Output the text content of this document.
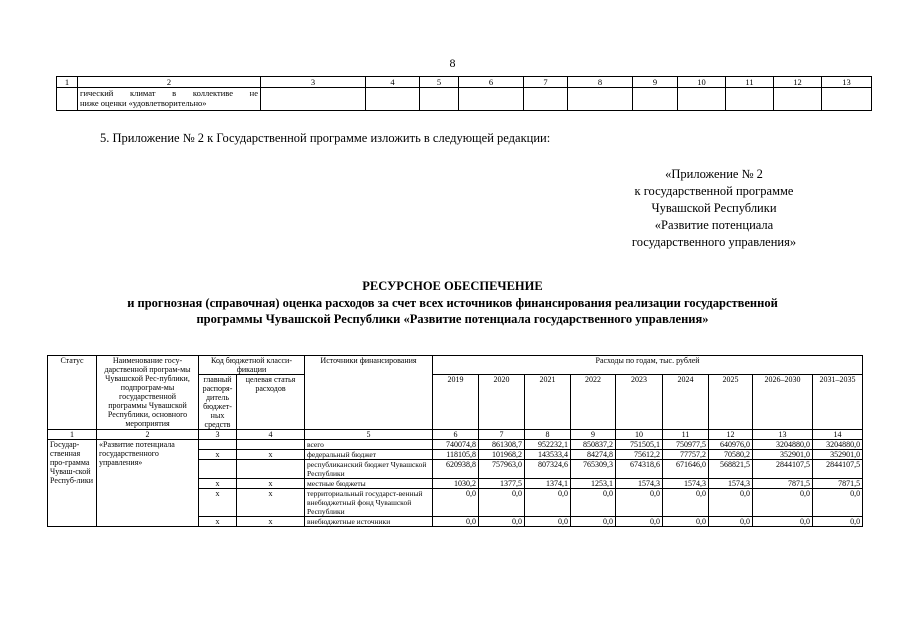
8
1	2	3	4	5	6	7	8	9	10	11	12	13

	гический климат в коллективе не
ниже оценки «удовлетворительно»											

5. Приложение № 2 к Государственной программе изложить в следующей редакции:
«Приложение № 2
к государственной программе
Чувашской Республики
«Развитие потенциала
государственного управления»
РЕСУРСНОЕ ОБЕСПЕЧЕНИЕ
и прогнозная (справочная) оценка расходов за счет всех источников финансирования реализации государственной
программы Чувашской Республики «Развитие потенциала государственного управления»
Статус	Наименование госу-дарственной програм-мы Чувашской Рес-публики, подпрограм-мы государственной программы Чувашской Республики, основного мероприятия	Код бюджетной класси-фикации		Источники финансирования	Расходы по годам, тыс. рублей								
		главный распоря-дитель бюджет-ных средств	целевая статья расходов		2019	2020	2021	2022	2023	2024	2025	2026–2030	2031–2035

1	2	3	4	5	6	7	8	9	10	11	12	13	14
Государ-ственная про-грамма Чуваш-ской Респуб-лики	«Развитие потенциала государственного управления»			всего	740074,8	861308,7	952232,1	850837,2	751505,1	750977,5	640976,0	3204880,0	3204880,0
		x	x	федеральный бюджет	118105,8	101968,2	143533,4	84274,8	75612,2	77757,2	70580,2	352901,0	352901,0
				республиканский бюджет Чувашской Республики	620938,8	757963,0	807324,6	765309,3	674318,6	671646,0	568821,5	2844107,5	2844107,5
		x	x	местные бюджеты	1030,2	1377,5	1374,1	1253,1	1574,3	1574,3	1574,3	7871,5	7871,5
		x	x	территориальный государст-венный внебюджетный фонд Чувашской Республики	0,0	0,0	0,0	0,0	0,0	0,0	0,0	0,0	0,0
		x	x	внебюджетные источники	0,0	0,0	0,0	0,0	0,0	0,0	0,0	0,0	0,0
